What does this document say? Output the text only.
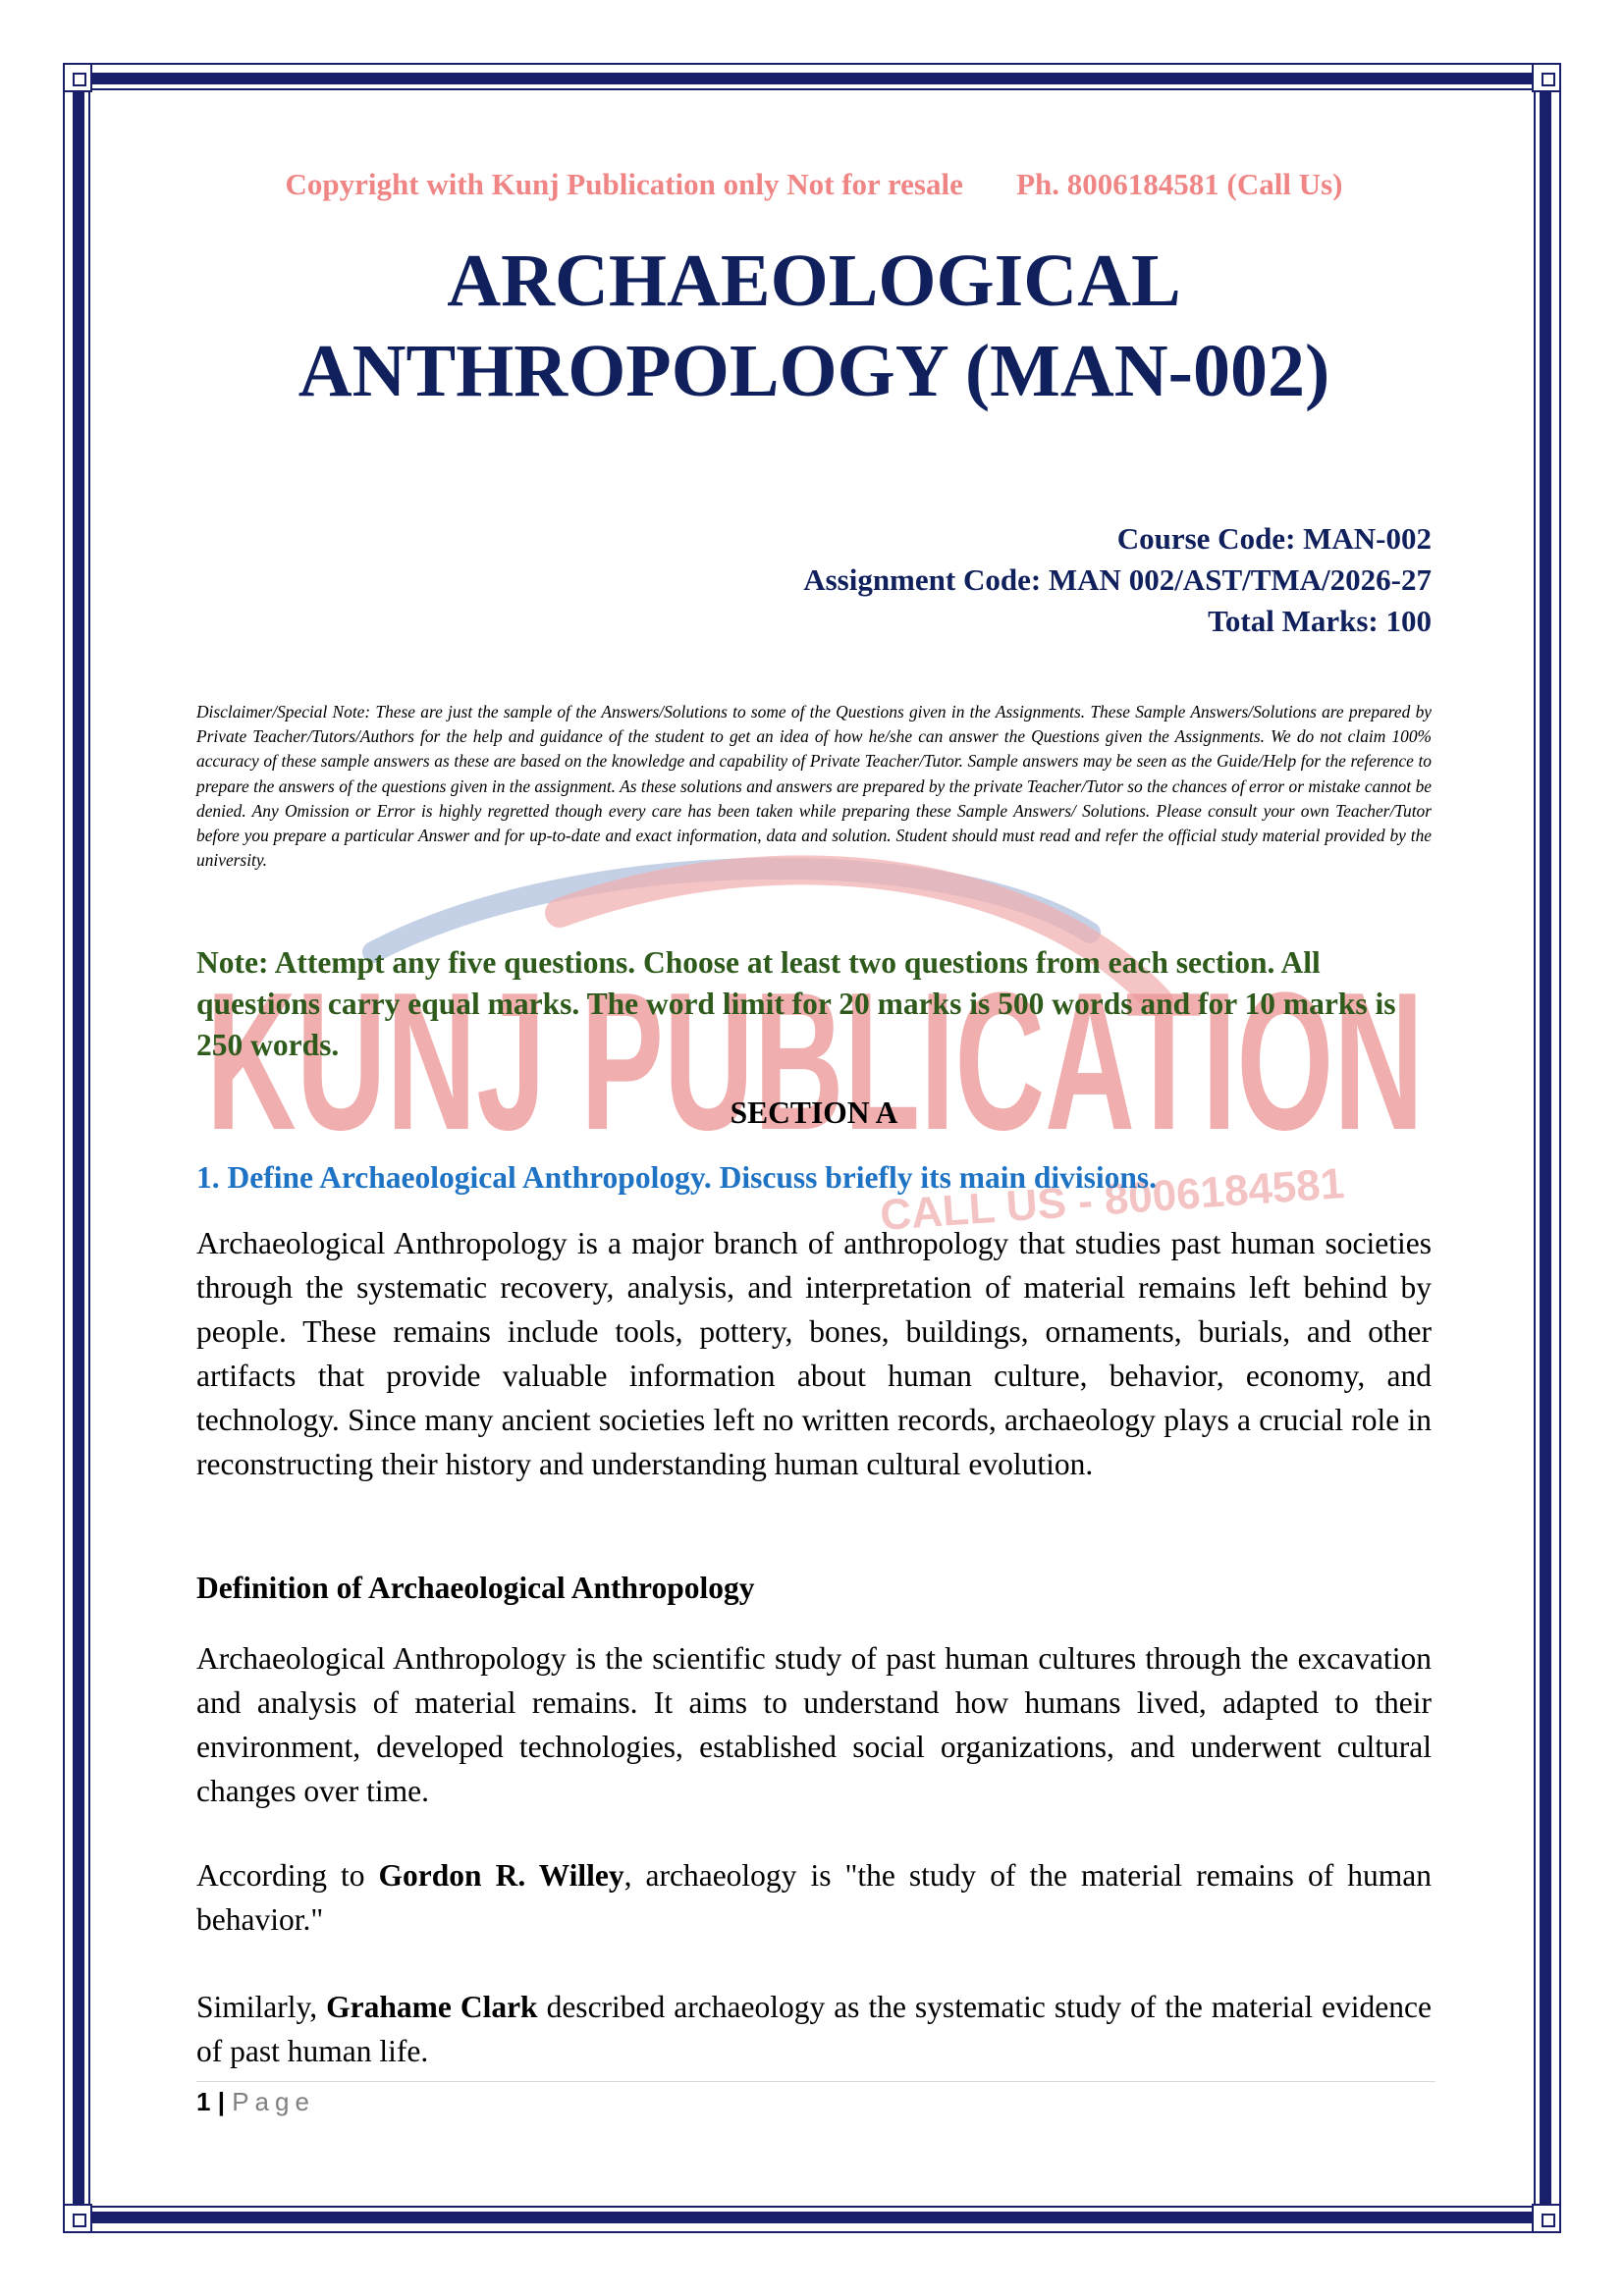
KUNJ PUBLICATION
CALL US - 8006184581
Copyright with Kunj Publication only Not for resale Ph. 8006184581 (Call Us)
ARCHAEOLOGICAL
ANTHROPOLOGY (MAN-002)
Course Code: MAN-002
Assignment Code: MAN 002/AST/TMA/2026-27
Total Marks: 100
Disclaimer/Special Note: These are just the sample of the Answers/Solutions to some of the Questions given in the Assignments. These Sample Answers/Solutions are prepared by Private Teacher/Tutors/Authors for the help and guidance of the student to get an idea of how he/she can answer the Questions given the Assignments. We do not claim 100% accuracy of these sample answers as these are based on the knowledge and capability of Private Teacher/Tutor. Sample answers may be seen as the Guide/Help for the reference to prepare the answers of the questions given in the assignment. As these solutions and answers are prepared by the private Teacher/Tutor so the chances of error or mistake cannot be denied. Any Omission or Error is highly regretted though every care has been taken while preparing these Sample Answers/ Solutions. Please consult your own Teacher/Tutor before you prepare a particular Answer and for up-to-date and exact information, data and solution. Student should must read and refer the official study material provided by the university.
Note: Attempt any five questions. Choose at least two questions from each section. All questions carry equal marks. The word limit for 20 marks is 500 words and for 10 marks is 250 words.
SECTION A
1. Define Archaeological Anthropology. Discuss briefly its main divisions.

Archaeological Anthropology is a major branch of anthropology that studies past human societies through the systematic recovery, analysis, and interpretation of material remains left behind by people. These remains include tools, pottery, bones, buildings, ornaments, burials, and other artifacts that provide valuable information about human culture, behavior, economy, and technology. Since many ancient societies left no written records, archaeology plays a crucial role in reconstructing their history and understanding human cultural evolution.

Definition of Archaeological Anthropology

Archaeological Anthropology is the scientific study of past human cultures through the excavation and analysis of material remains. It aims to understand how humans lived, adapted to their environment, developed technologies, established social organizations, and underwent cultural changes over time.

According to Gordon R. Willey, archaeology is "the study of the material remains of human behavior."

Similarly, Grahame Clark described archaeology as the systematic study of the material evidence of past human life.

1 | Page
